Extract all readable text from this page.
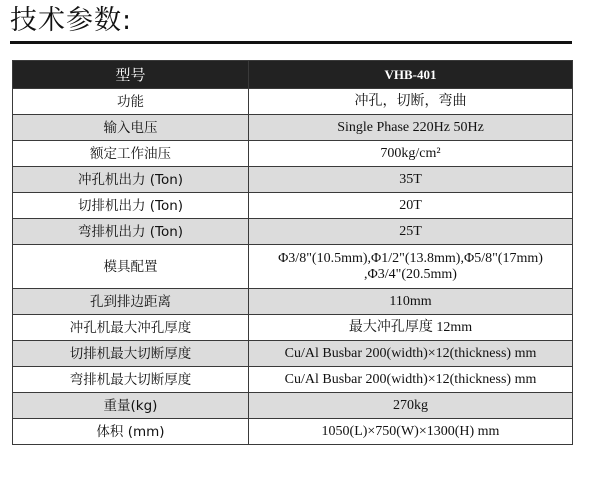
技术参数:
型号	VHB-401
功能	冲孔，切断，弯曲
输入电压	Single Phase 220Hz 50Hz
额定工作油压	700kg/cm²
冲孔机出力 (Ton)	35T
切排机出力 (Ton)	20T
弯排机出力 (Ton)	25T
模具配置	Φ3/8"(10.5mm),Φ1/2"(13.8mm),Φ5/8"(17mm)
,Φ3/4"(20.5mm)
孔到排边距离	110mm
冲孔机最大冲孔厚度	最大冲孔厚度 12mm
切排机最大切断厚度	Cu/Al Busbar 200(width)×12(thickness) mm
弯排机最大切断厚度	Cu/Al Busbar 200(width)×12(thickness) mm
重量(kg)	270kg
体积 (mm)	1050(L)×750(W)×1300(H) mm
